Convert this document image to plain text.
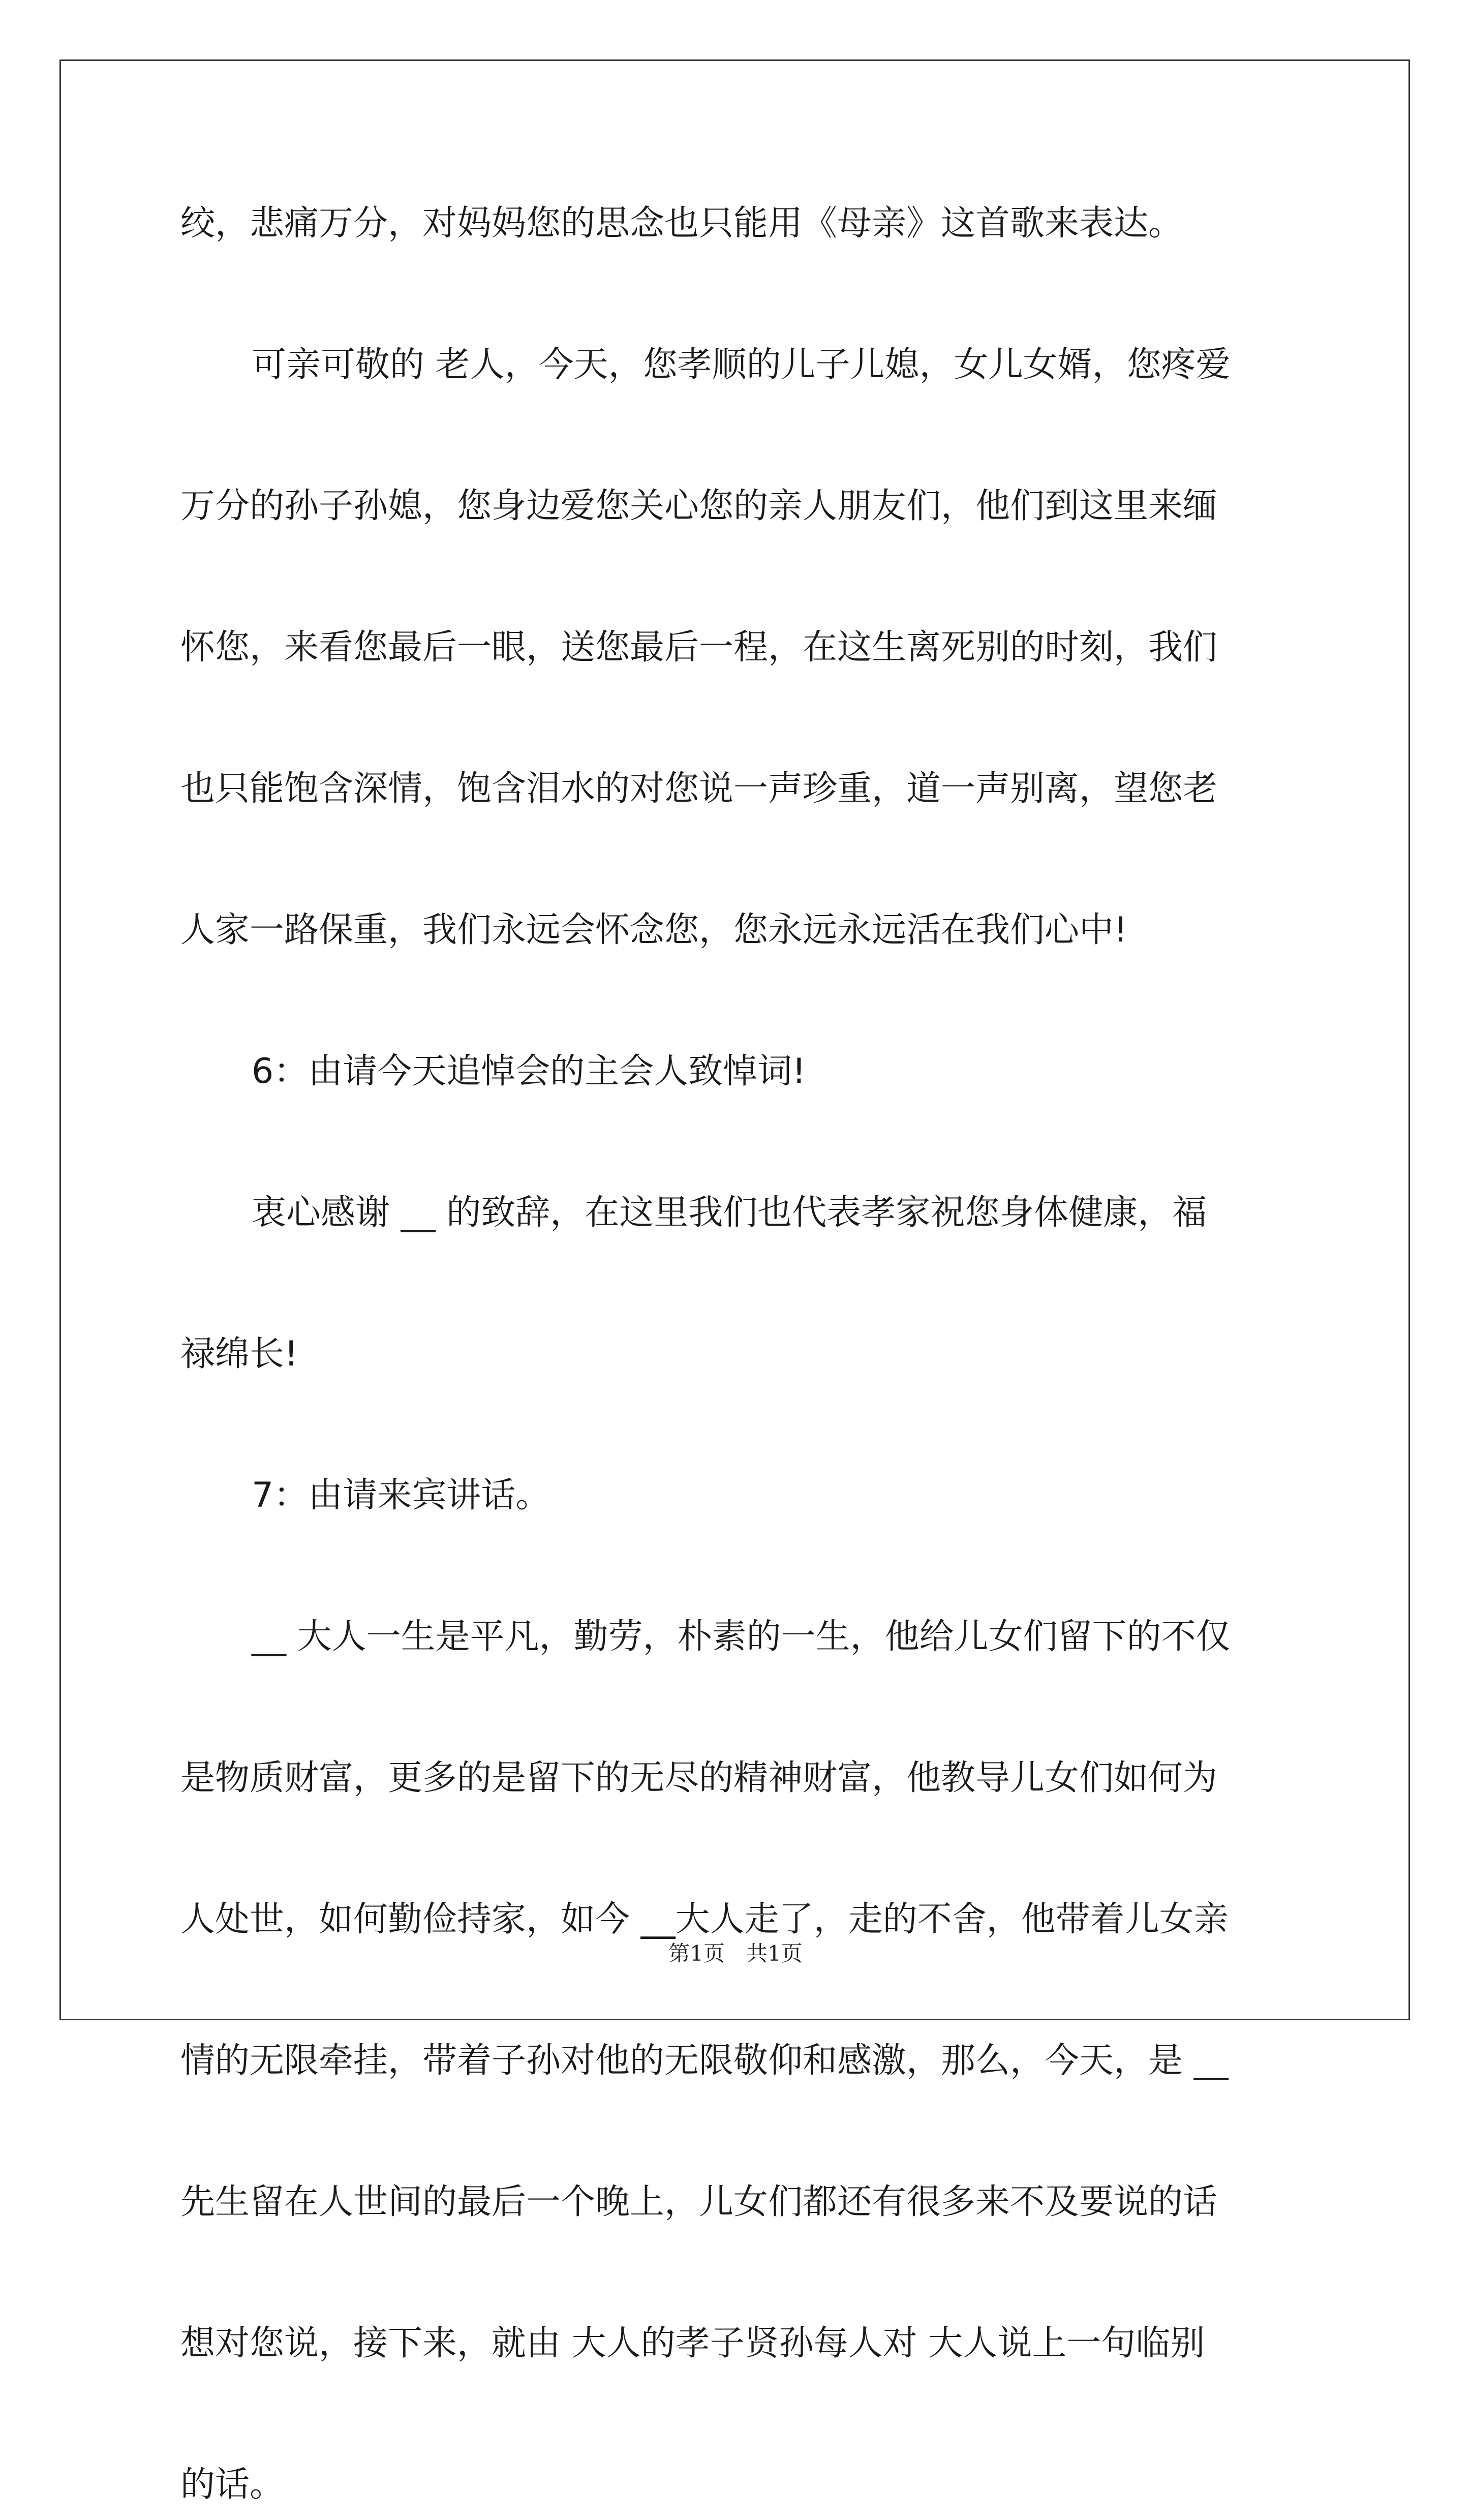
绞，悲痛万分，对妈妈您的思念也只能用《母亲》这首歌来表达。
可亲可敬的 老人，今天，您孝顺的儿子儿媳，女儿女婿，您疼爱
万分的孙子孙媳，您身边爱您关心您的亲人朋友们，他们到这里来缅
怀您，来看您最后一眼，送您最后一程，在这生离死别的时刻，我们
也只能饱含深情，饱含泪水的对您说一声珍重，道一声别离，望您老
人家一路保重，我们永远会怀念您，您永远永远活在我们心中!
6：由请今天追悼会的主会人致悼词!
衷心感谢 __ 的致辞，在这里我们也代表孝家祝您身体健康，福
禄绵长!
7：由请来宾讲话。
__ 大人一生是平凡，勤劳，朴素的一生，他给儿女们留下的不仅
是物质财富，更多的是留下的无尽的精神财富，他教导儿女们如何为
人处世，如何勤俭持家，如今 __大人走了，走的不舍，他带着儿女亲
情的无限牵挂，带着子孙对他的无限敬仰和感激，那么，今天，是 __
先生留在人世间的最后一个晚上，儿女们都还有很多来不及要说的话
想对您说，接下来，就由 大人的孝子贤孙每人对 大人说上一句临别
的话。
第1页　共1页
